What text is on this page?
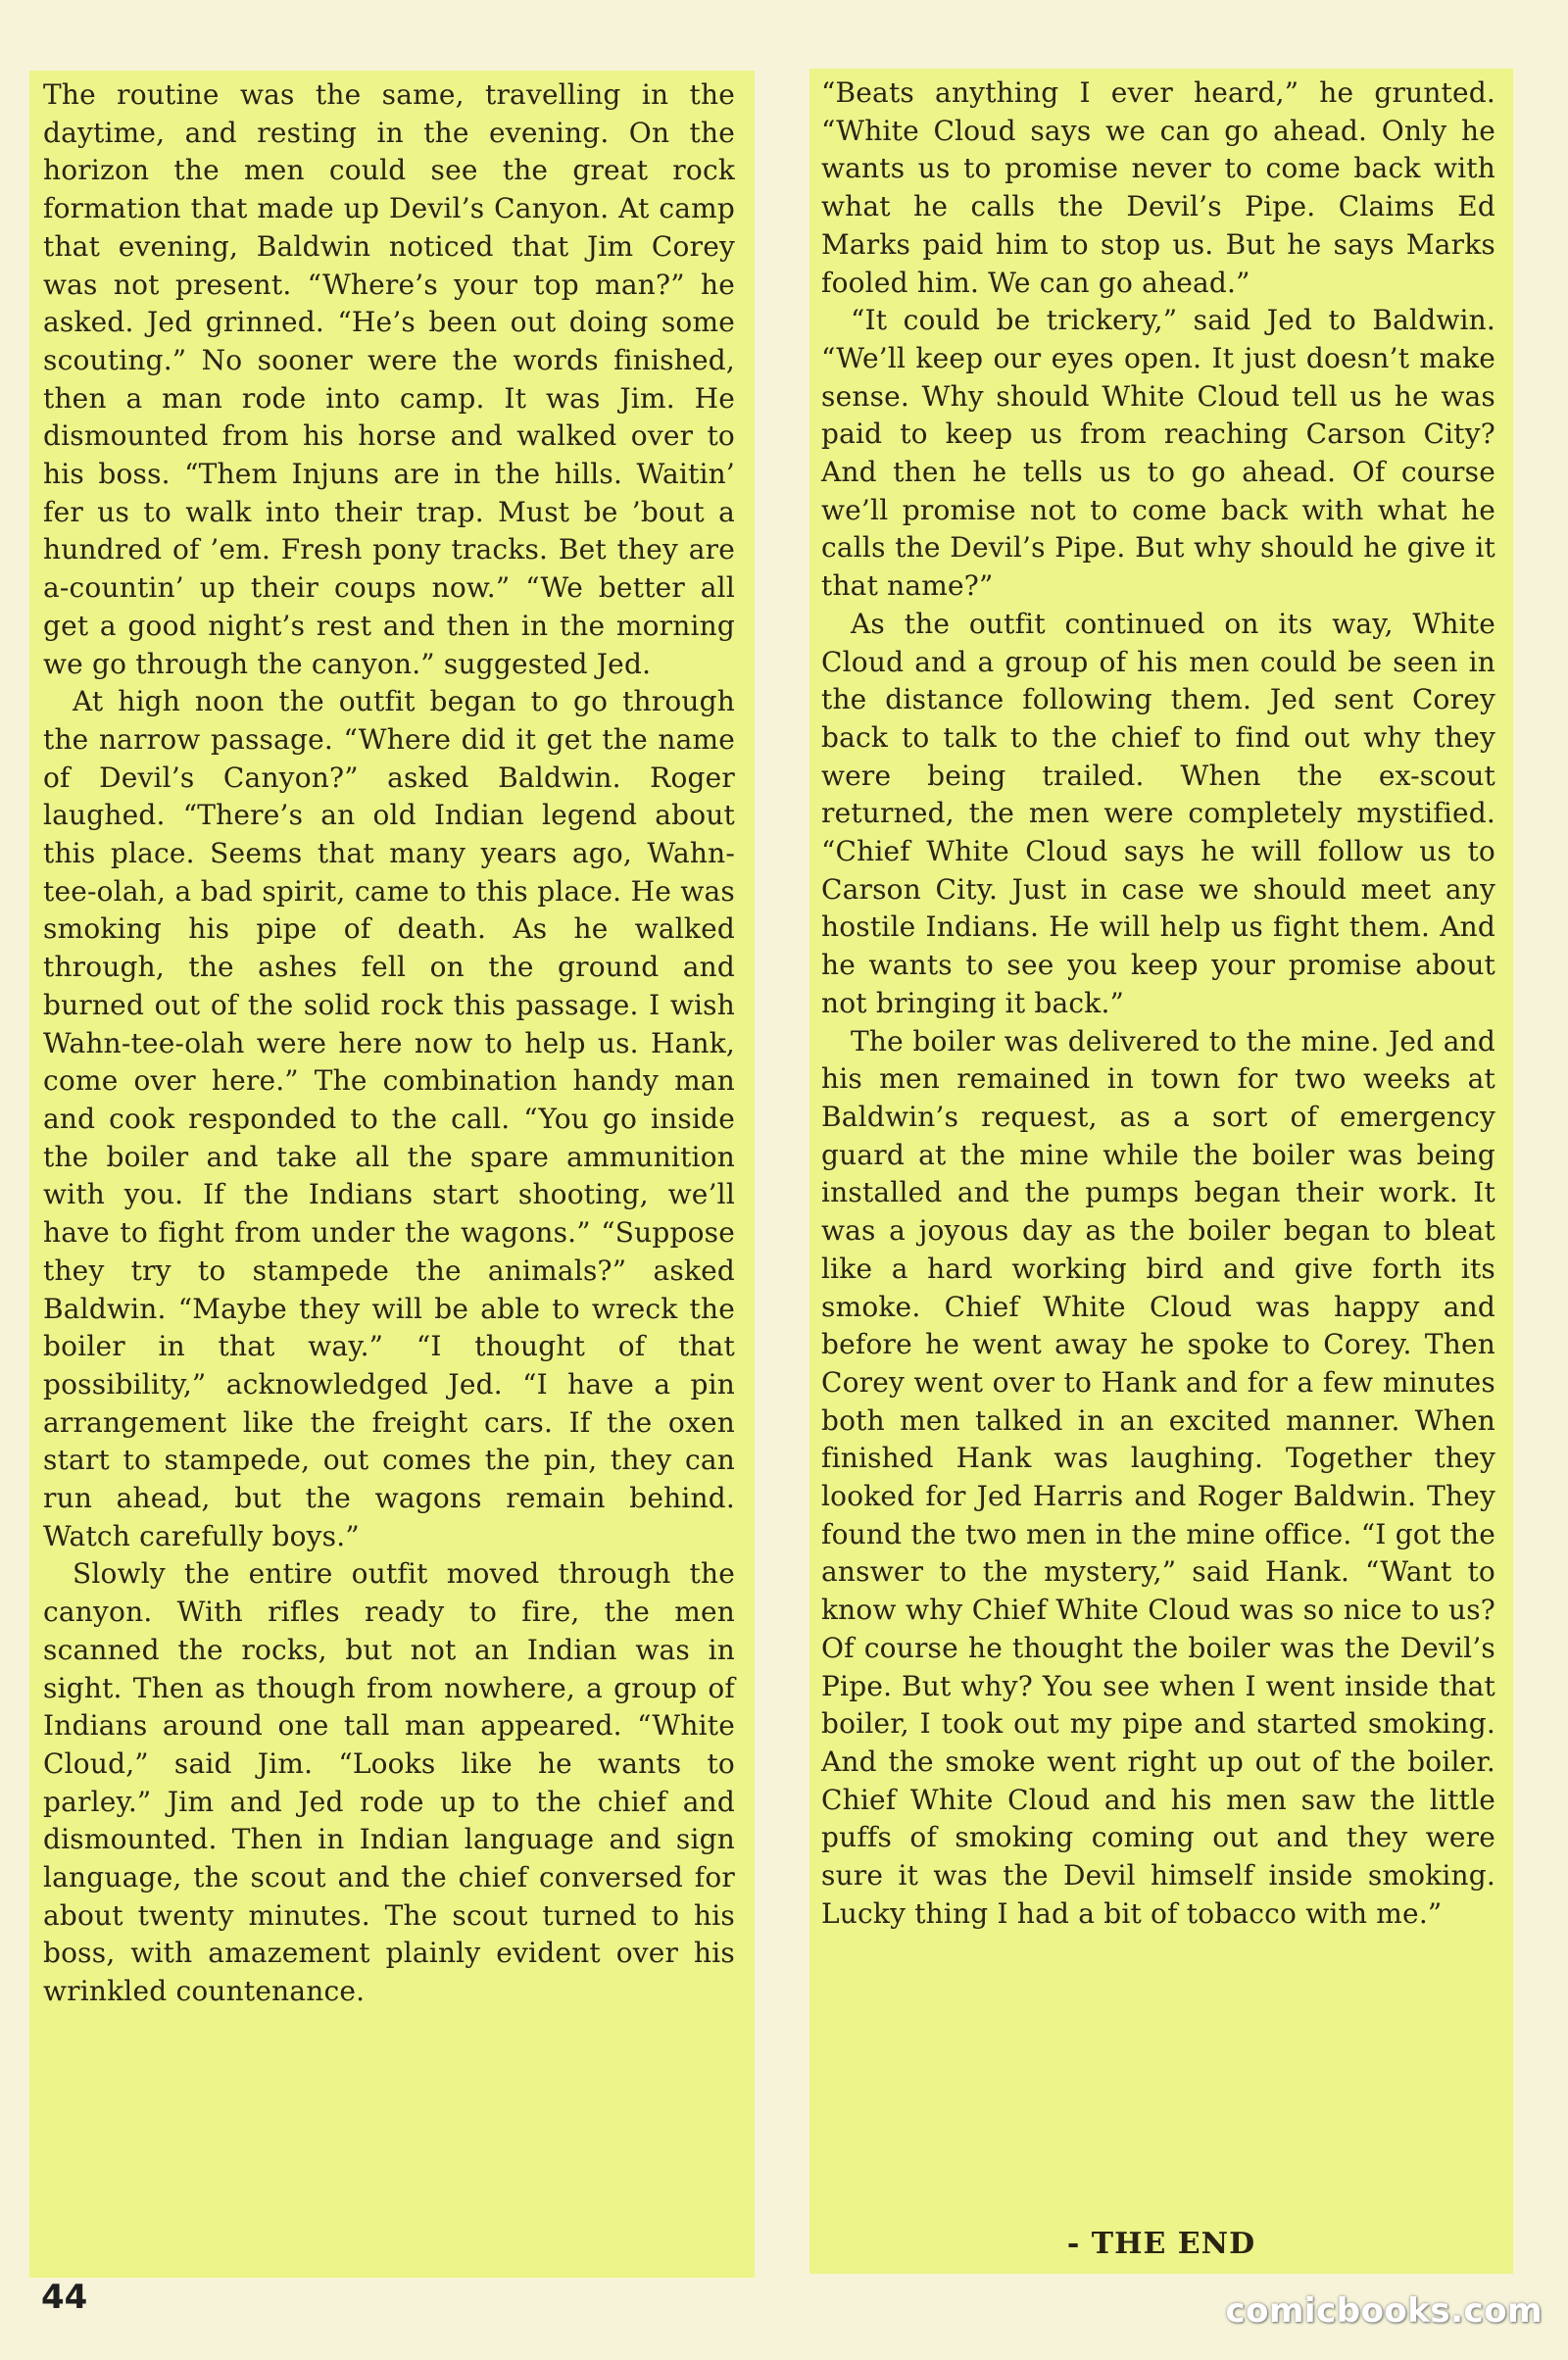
The routine was the same, travelling in the daytime, and resting in the evening. On the horizon the men could see the great rock formation that made up Devil’s Canyon. At camp that evening, Baldwin noticed that Jim Corey was not present. “Where’s your top man?” he asked. Jed grinned. “He’s been out doing some scouting.” No sooner were the words finished, then a man rode into camp. It was Jim. He dismounted from his horse and walked over to his boss. “Them Injuns are in the hills. Waitin’ fer us to walk into their trap. Must be ’bout a hundred of ’em. Fresh pony tracks. Bet they are a-countin’ up their coups now.” “We better all get a good night’s rest and then in the morning we go through the canyon.” suggested Jed.

At high noon the outfit began to go through the narrow passage. “Where did it get the name of Devil’s Canyon?” asked Baldwin. Roger laughed. “There’s an old Indian legend about this place. Seems that many years ago, Wahn-tee-olah, a bad spirit, came to this place. He was smoking his pipe of death. As he walked through, the ashes fell on the ground and burned out of the solid rock this passage. I wish Wahn-tee-olah were here now to help us. Hank, come over here.” The combination handy man and cook responded to the call. “You go inside the boiler and take all the spare ammunition with you. If the Indians start shooting, we’ll have to fight from under the wagons.” “Suppose they try to stampede the animals?” asked Baldwin. “Maybe they will be able to wreck the boiler in that way.” “I thought of that possibility,” acknowledged Jed. “I have a pin arrangement like the freight cars. If the oxen start to stampede, out comes the pin, they can run ahead, but the wagons remain behind. Watch carefully boys.”

Slowly the entire outfit moved through the canyon. With rifles ready to fire, the men scanned the rocks, but not an Indian was in sight. Then as though from nowhere, a group of Indians around one tall man appeared. “White Cloud,” said Jim. “Looks like he wants to parley.” Jim and Jed rode up to the chief and dismounted. Then in Indian language and sign language, the scout and the chief conversed for about twenty minutes. The scout turned to his boss, with amazement plainly evident over his wrinkled countenance.

“Beats anything I ever heard,” he grunted. “White Cloud says we can go ahead. Only he wants us to promise never to come back with what he calls the Devil’s Pipe. Claims Ed Marks paid him to stop us. But he says Marks fooled him. We can go ahead.”

“It could be trickery,” said Jed to Baldwin. “We’ll keep our eyes open. It just doesn’t make sense. Why should White Cloud tell us he was paid to keep us from reaching Carson City? And then he tells us to go ahead. Of course we’ll promise not to come back with what he calls the Devil’s Pipe. But why should he give it that name?”

As the outfit continued on its way, White Cloud and a group of his men could be seen in the distance following them. Jed sent Corey back to talk to the chief to find out why they were being trailed. When the ex-scout returned, the men were completely mystified. “Chief White Cloud says he will follow us to Carson City. Just in case we should meet any hostile Indians. He will help us fight them. And he wants to see you keep your promise about not bringing it back.”

The boiler was delivered to the mine. Jed and his men remained in town for two weeks at Baldwin’s request, as a sort of emergency guard at the mine while the boiler was being installed and the pumps began their work. It was a joyous day as the boiler began to bleat like a hard working bird and give forth its smoke. Chief White Cloud was happy and before he went away he spoke to Corey. Then Corey went over to Hank and for a few minutes both men talked in an excited manner. When finished Hank was laughing. Together they looked for Jed Harris and Roger Baldwin. They found the two men in the mine office. “I got the answer to the mystery,” said Hank. “Want to know why Chief White Cloud was so nice to us? Of course he thought the boiler was the Devil’s Pipe. But why? You see when I went inside that boiler, I took out my pipe and started smoking. And the smoke went right up out of the boiler. Chief White Cloud and his men saw the little puffs of smoking coming out and they were sure it was the Devil himself inside smoking. Lucky thing I had a bit of tobacco with me.”

- THE END
44	comicbooks.com
